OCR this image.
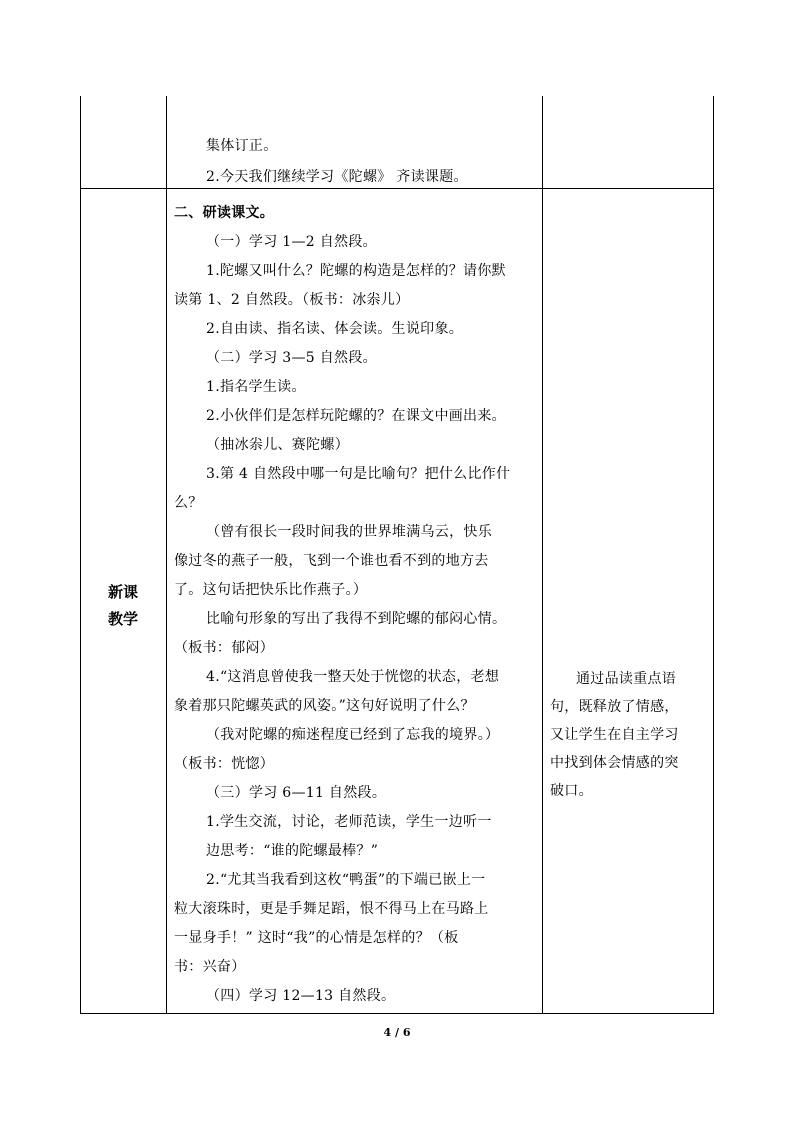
集体订正。
2.今天我们继续学习《陀螺》 齐读课题。
新课
教学
二、研读课文。
（一）学习 1—2 自然段。
1.陀螺又叫什么？陀螺的构造是怎样的？请你默
读第 1、2 自然段。（板书：冰尜儿）
2.自由读、指名读、体会读。生说印象。
（二）学习 3—5 自然段。
1.指名学生读。
2.小伙伴们是怎样玩陀螺的？在课文中画出来。
（抽冰尜儿、赛陀螺）
3.第 4 自然段中哪一句是比喻句？把什么比作什
么？
（曾有很长一段时间我的世界堆满乌云，快乐
像过冬的燕子一般，飞到一个谁也看不到的地方去
了。这句话把快乐比作燕子。）
比喻句形象的写出了我得不到陀螺的郁闷心情。
（板书：郁闷）
4.“这消息曾使我一整天处于恍惚的状态，老想
象着那只陀螺英武的风姿。”这句好说明了什么？
（我对陀螺的痴迷程度已经到了忘我的境界。）
（板书：恍惚）
（三）学习 6—11 自然段。
1.学生交流，讨论，老师范读，学生一边听一
边思考：“谁的陀螺最棒？”
2.“尤其当我看到这枚“鸭蛋”的下端已嵌上一
粒大滚珠时，更是手舞足蹈，恨不得马上在马路上
一显身手！” 这时“我”的心情是怎样的？（板
书：兴奋）
（四）学习 12—13 自然段。
通过品读重点语
句，既释放了情感，
又让学生在自主学习
中找到体会情感的突
破口。
4 / 6
